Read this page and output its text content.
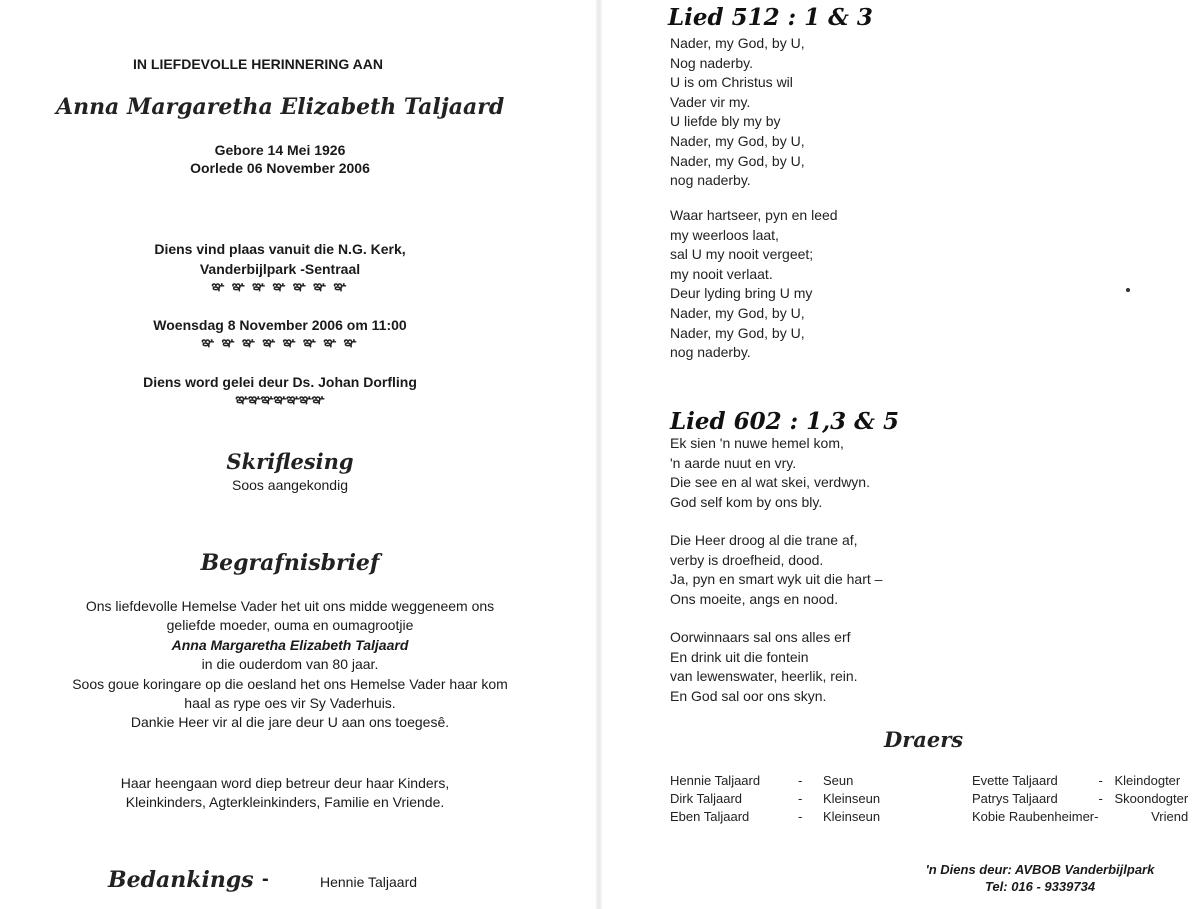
IN LIEFDEVOLLE HERINNERING AAN
Anna Margaretha Elizabeth Taljaard
Gebore 14 Mei 1926
Oorlede 06 November 2006
Diens vind plaas vanuit die N.G. Kerk,
Vanderbijlpark -Sentraal
ఞ ఞ ఞ ఞ ఞ ఞ ఞ
Woensdag 8 November 2006 om 11:00
ఞ ఞ ఞ ఞ ఞ ఞ ఞ ఞ
Diens word gelei deur Ds. Johan Dorfling
ఞఞఞఞఞఞఞ
Skriflesing
Soos aangekondig
Begrafnisbrief
Ons liefdevolle Hemelse Vader het uit ons midde weggeneem ons
geliefde moeder, ouma en oumagrootjie
Anna Margaretha Elizabeth Taljaard
in die ouderdom van 80 jaar.
Soos goue koringare op die oesland het ons Hemelse Vader haar kom
haal as rype oes vir Sy Vaderhuis.
Dankie Heer vir al die jare deur U aan ons toegesê.
Haar heengaan word diep betreur deur haar Kinders,
Kleinkinders, Agterkleinkinders, Familie en Vriende.
Bedankings -	Hennie Taljaard
Lied 512 : 1 & 3
Nader, my God, by U,
Nog naderby.
U is om Christus wil
Vader vir my.
U liefde bly my by
Nader, my God, by U,
Nader, my God, by U,
nog naderby.
Waar hartseer, pyn en leed
my weerloos laat,
sal U my nooit vergeet;
my nooit verlaat.
Deur lyding bring U my
Nader, my God, by U,
Nader, my God, by U,
nog naderby.
Lied 602 : 1,3 & 5
Ek sien 'n nuwe hemel kom,
'n aarde nuut en vry.
Die see en al wat skei, verdwyn.
God self kom by ons bly.
Die Heer droog al die trane af,
verby is droefheid, dood.
Ja, pyn en smart wyk uit die hart –
Ons moeite, angs en nood.
Oorwinnaars sal ons alles erf
En drink uit die fontein
van lewenswater, heerlik, rein.
En God sal oor ons skyn.
Draers
Hennie Taljaard	-	Seun
Dirk Taljaard	-	Kleinseun
Eben Taljaard	-	Kleinseun
Evette Taljaard	-	Kleindogter
Patrys Taljaard	-	Skoondogter
Kobie Raubenheimer-		Vriend
'n Diens deur: AVBOB Vanderbijlpark
Tel: 016 - 9339734
